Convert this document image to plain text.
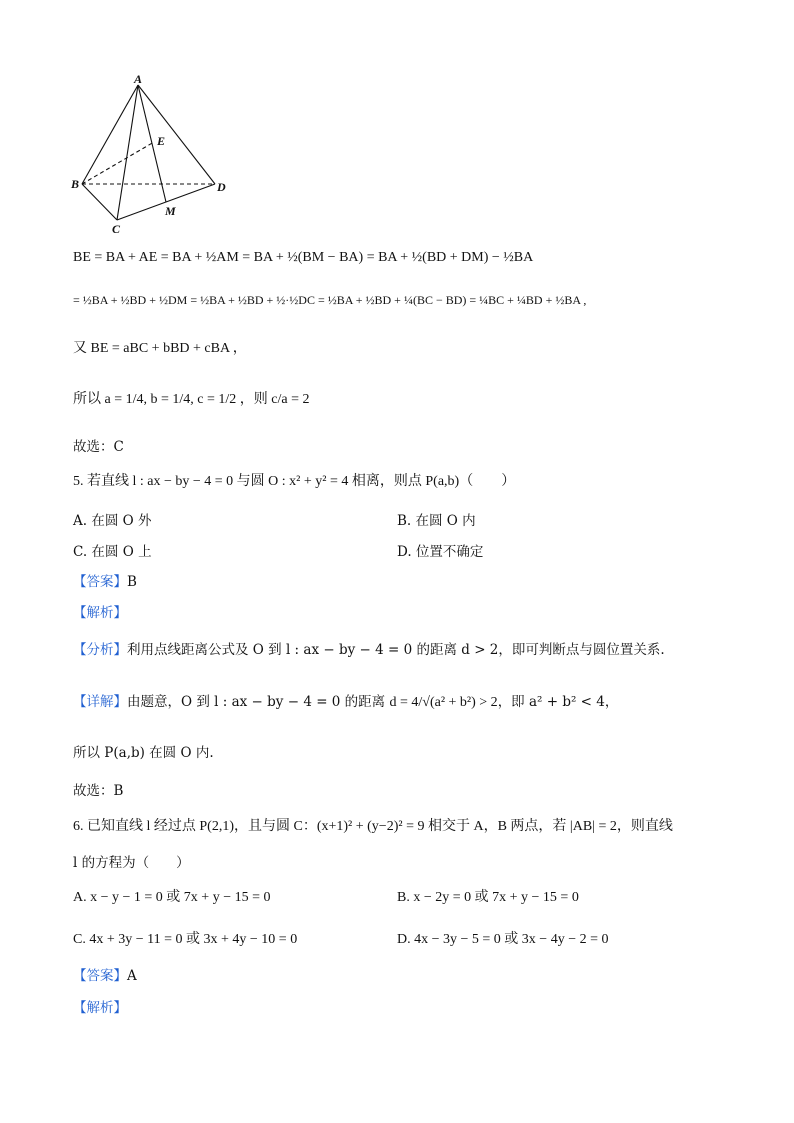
A
B
C
D
E
M
BE = BA + AE = BA + ½AM = BA + ½(BM − BA) = BA + ½(BD + DM) − ½BA
= ½BA + ½BD + ½DM = ½BA + ½BD + ½·½DC = ½BA + ½BD + ¼(BC − BD) = ¼BC + ¼BD + ½BA ,
又 BE = aBC + bBD + cBA ，
所以 a = 1/4, b = 1/4, c = 1/2 ，则 c/a = 2
故选：C
5. 若直线 l : ax − by − 4 = 0 与圆 O : x² + y² = 4 相离，则点 P(a,b)（　　）
A. 在圆 O 外	B. 在圆 O 内
C. 在圆 O 上	D. 位置不确定
【答案】B
【解析】
【分析】利用点线距离公式及 O 到 l : ax − by − 4 = 0 的距离 d > 2，即可判断点与圆位置关系.
【详解】由题意，O 到 l : ax − by − 4 = 0 的距离 d = 4/√(a² + b²) > 2，即 a² + b² < 4，
所以 P(a,b) 在圆 O 内.
故选：B
6. 已知直线 l 经过点 P(2,1)，且与圆 C：(x+1)² + (y−2)² = 9 相交于 A，B 两点，若 |AB| = 2，则直线
l 的方程为（　　）
A. x − y − 1 = 0 或 7x + y − 15 = 0	B. x − 2y = 0 或 7x + y − 15 = 0
C. 4x + 3y − 11 = 0 或 3x + 4y − 10 = 0	D. 4x − 3y − 5 = 0 或 3x − 4y − 2 = 0
【答案】A
【解析】
